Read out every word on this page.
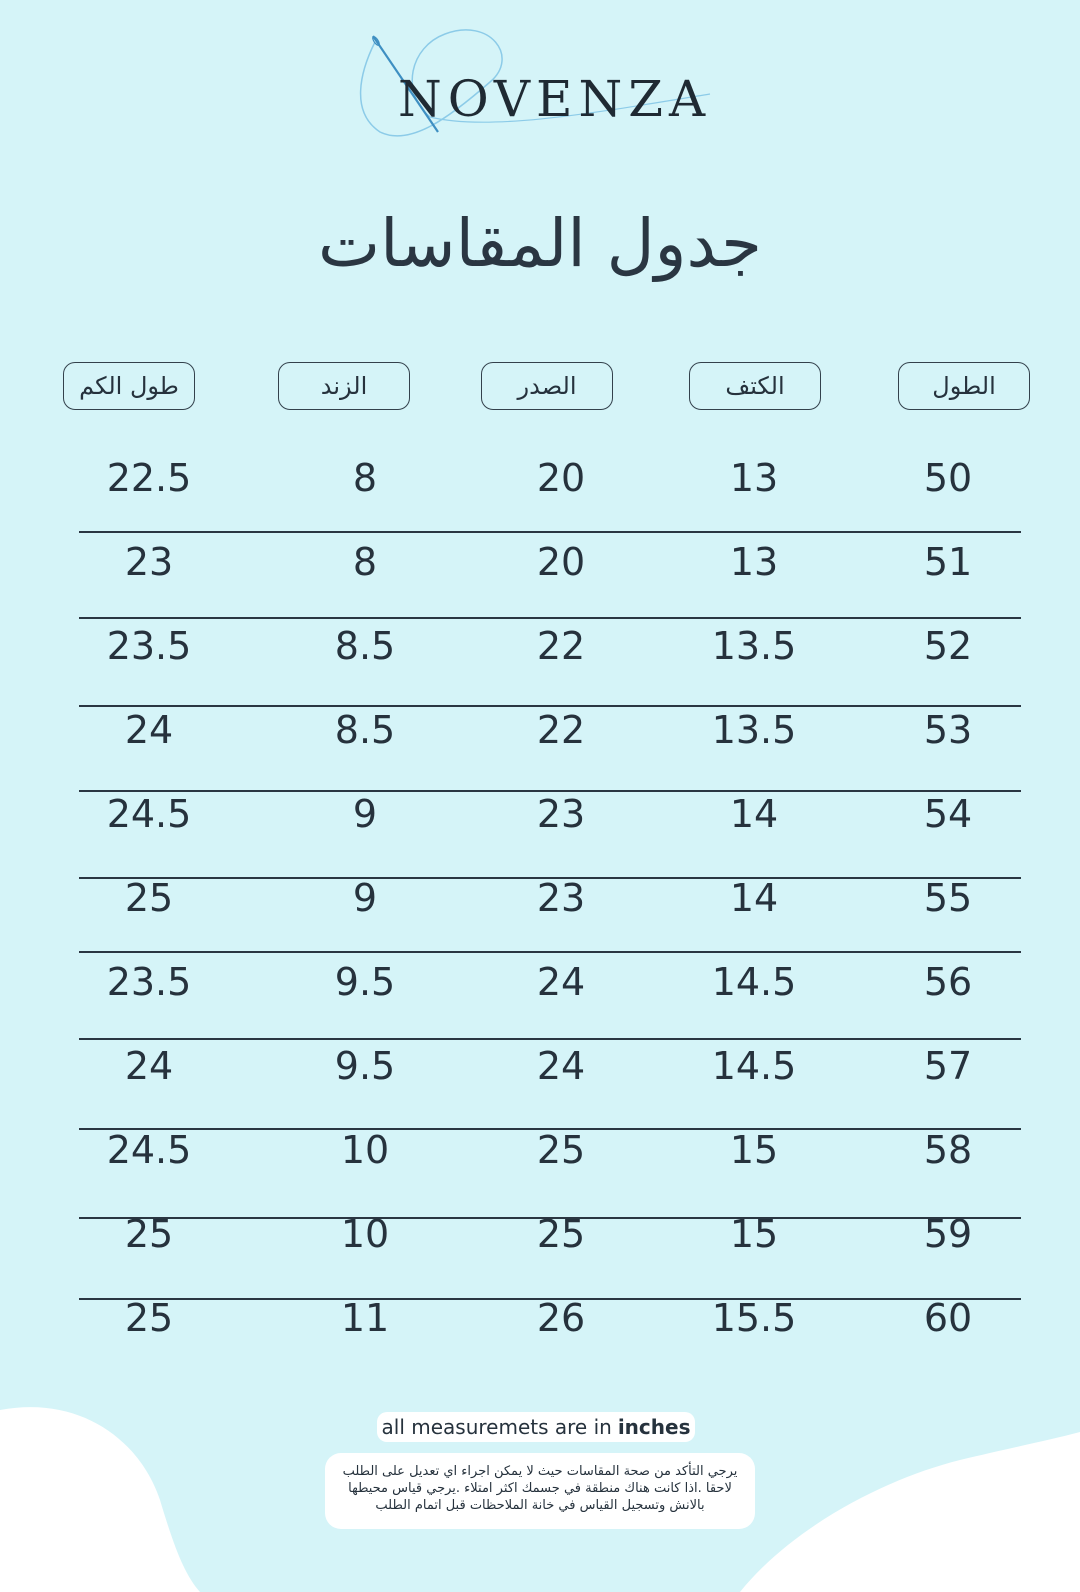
NOVENZA
جدول المقاسات
الطول
الكتف
الصدر
الزند
طول الكم
50
13
20
8
22.5
51
13
20
8
23
52
13.5
22
8.5
23.5
53
13.5
22
8.5
24
54
14
23
9
24.5
55
14
23
9
25
56
14.5
24
9.5
23.5
57
14.5
24
9.5
24
58
15
25
10
24.5
59
15
25
10
25
60
15.5
26
11
25
all measuremets are in inches
يرجي التأكد من صحة المقاسات حيث لا يمكن اجراء اي تعديل على الطلب لاحقا .اذا كانت هناك منطقة في جسمك اكثر امتلاء .يرجي قياس محيطها بالانش وتسجيل القياس في خانة الملاحظات قبل اتمام الطلب
